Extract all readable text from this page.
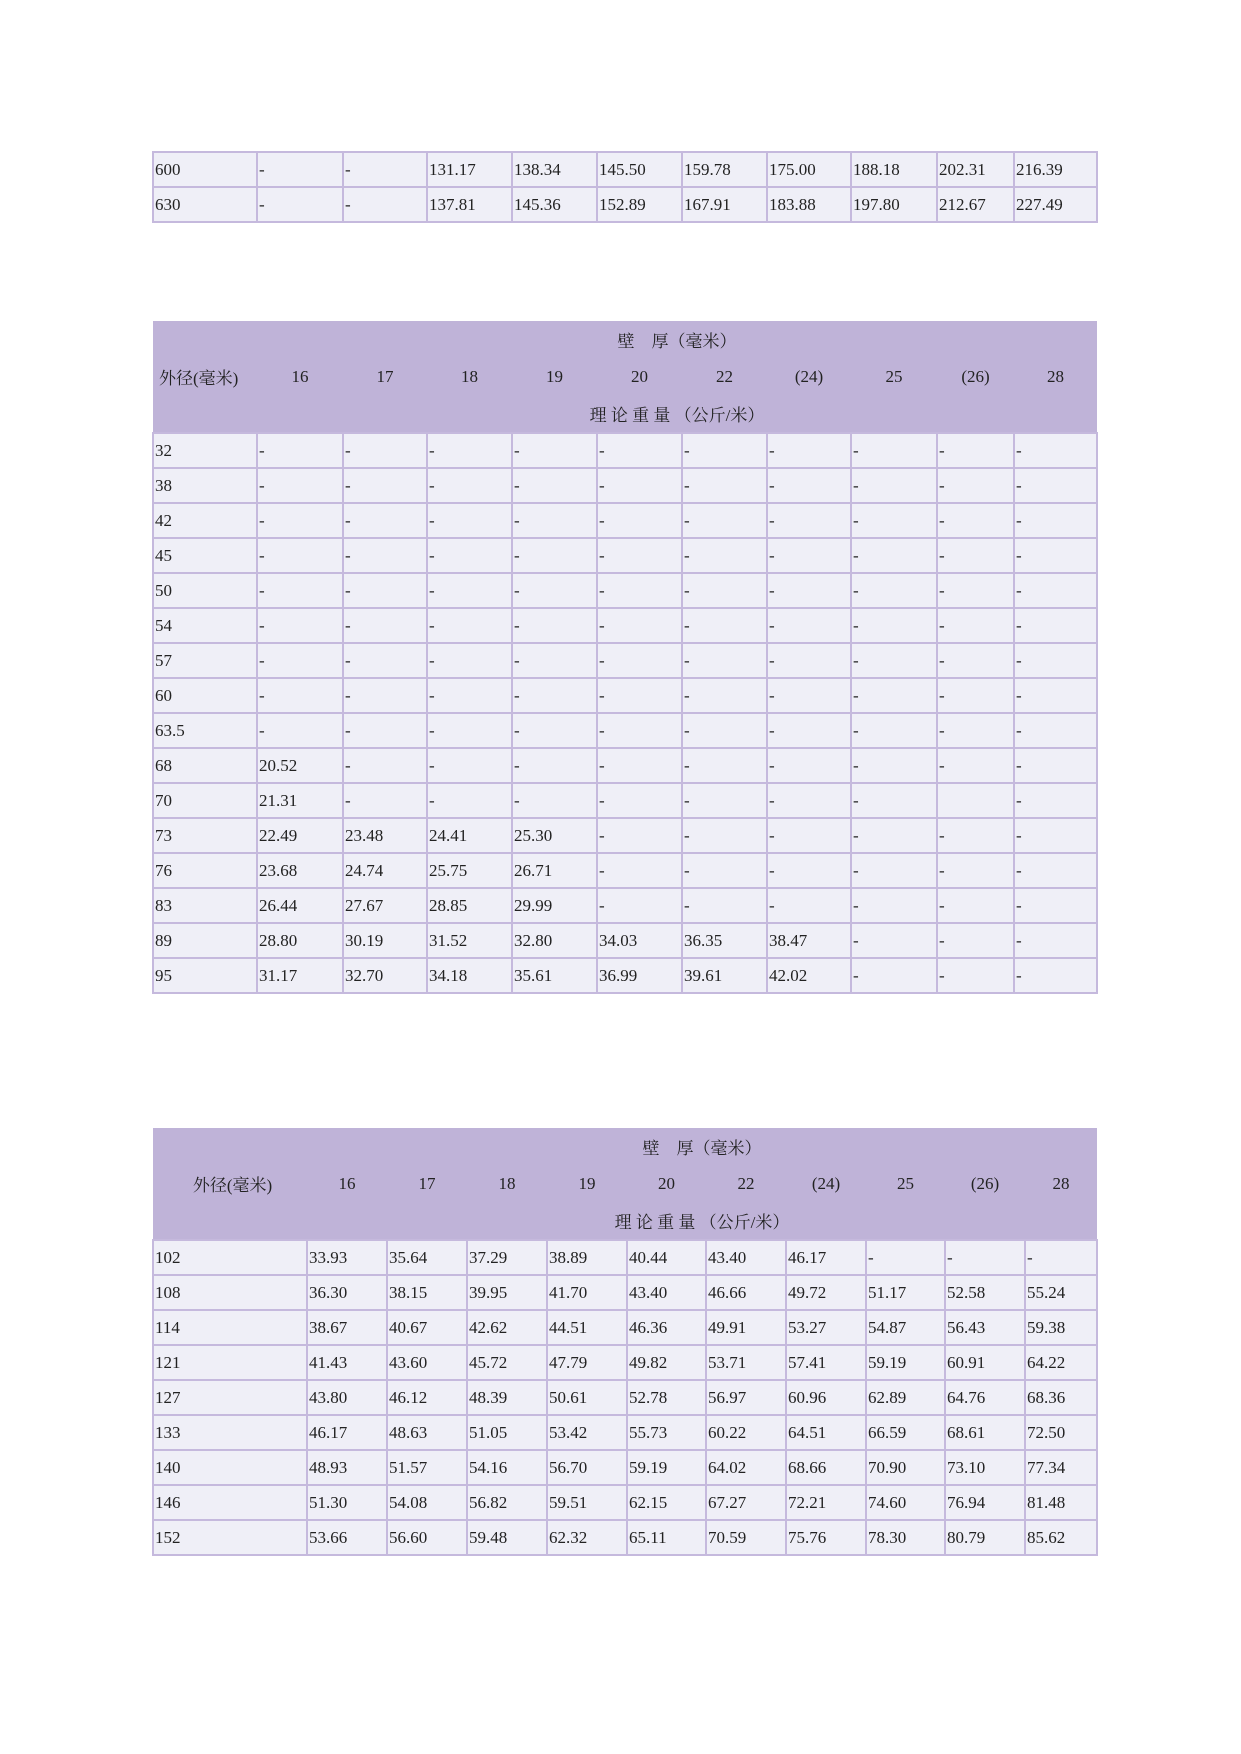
600	-	-	131.17	138.34	145.50	159.78	175.00	188.18	202.31	216.39
630	-	-	137.81	145.36	152.89	167.91	183.88	197.80	212.67	227.49
	壁　厚（毫米）									
外径(毫米)	16	17	18	19	20	22	(24)	25	(26)	28
	理 论 重 量 （公斤/米）									
32	-	-	-	-	-	-	-	-	-	-
38	-	-	-	-	-	-	-	-	-	-
42	-	-	-	-	-	-	-	-	-	-
45	-	-	-	-	-	-	-	-	-	-
50	-	-	-	-	-	-	-	-	-	-
54	-	-	-	-	-	-	-	-	-	-
57	-	-	-	-	-	-	-	-	-	-
60	-	-	-	-	-	-	-	-	-	-
63.5	-	-	-	-	-	-	-	-	-	-
68	20.52	-	-	-	-	-	-	-	-	-
70	21.31	-	-	-	-	-	-	-		-
73	22.49	23.48	24.41	25.30	-	-	-	-	-	-
76	23.68	24.74	25.75	26.71	-	-	-	-	-	-
83	26.44	27.67	28.85	29.99	-	-	-	-	-	-
89	28.80	30.19	31.52	32.80	34.03	36.35	38.47	-	-	-
95	31.17	32.70	34.18	35.61	36.99	39.61	42.02	-	-	-
	壁　厚（毫米）									
外径(毫米)	16	17	18	19	20	22	(24)	25	(26)	28
	理 论 重 量 （公斤/米）									
102	33.93	35.64	37.29	38.89	40.44	43.40	46.17	-	-	-
108	36.30	38.15	39.95	41.70	43.40	46.66	49.72	51.17	52.58	55.24
114	38.67	40.67	42.62	44.51	46.36	49.91	53.27	54.87	56.43	59.38
121	41.43	43.60	45.72	47.79	49.82	53.71	57.41	59.19	60.91	64.22
127	43.80	46.12	48.39	50.61	52.78	56.97	60.96	62.89	64.76	68.36
133	46.17	48.63	51.05	53.42	55.73	60.22	64.51	66.59	68.61	72.50
140	48.93	51.57	54.16	56.70	59.19	64.02	68.66	70.90	73.10	77.34
146	51.30	54.08	56.82	59.51	62.15	67.27	72.21	74.60	76.94	81.48
152	53.66	56.60	59.48	62.32	65.11	70.59	75.76	78.30	80.79	85.62
